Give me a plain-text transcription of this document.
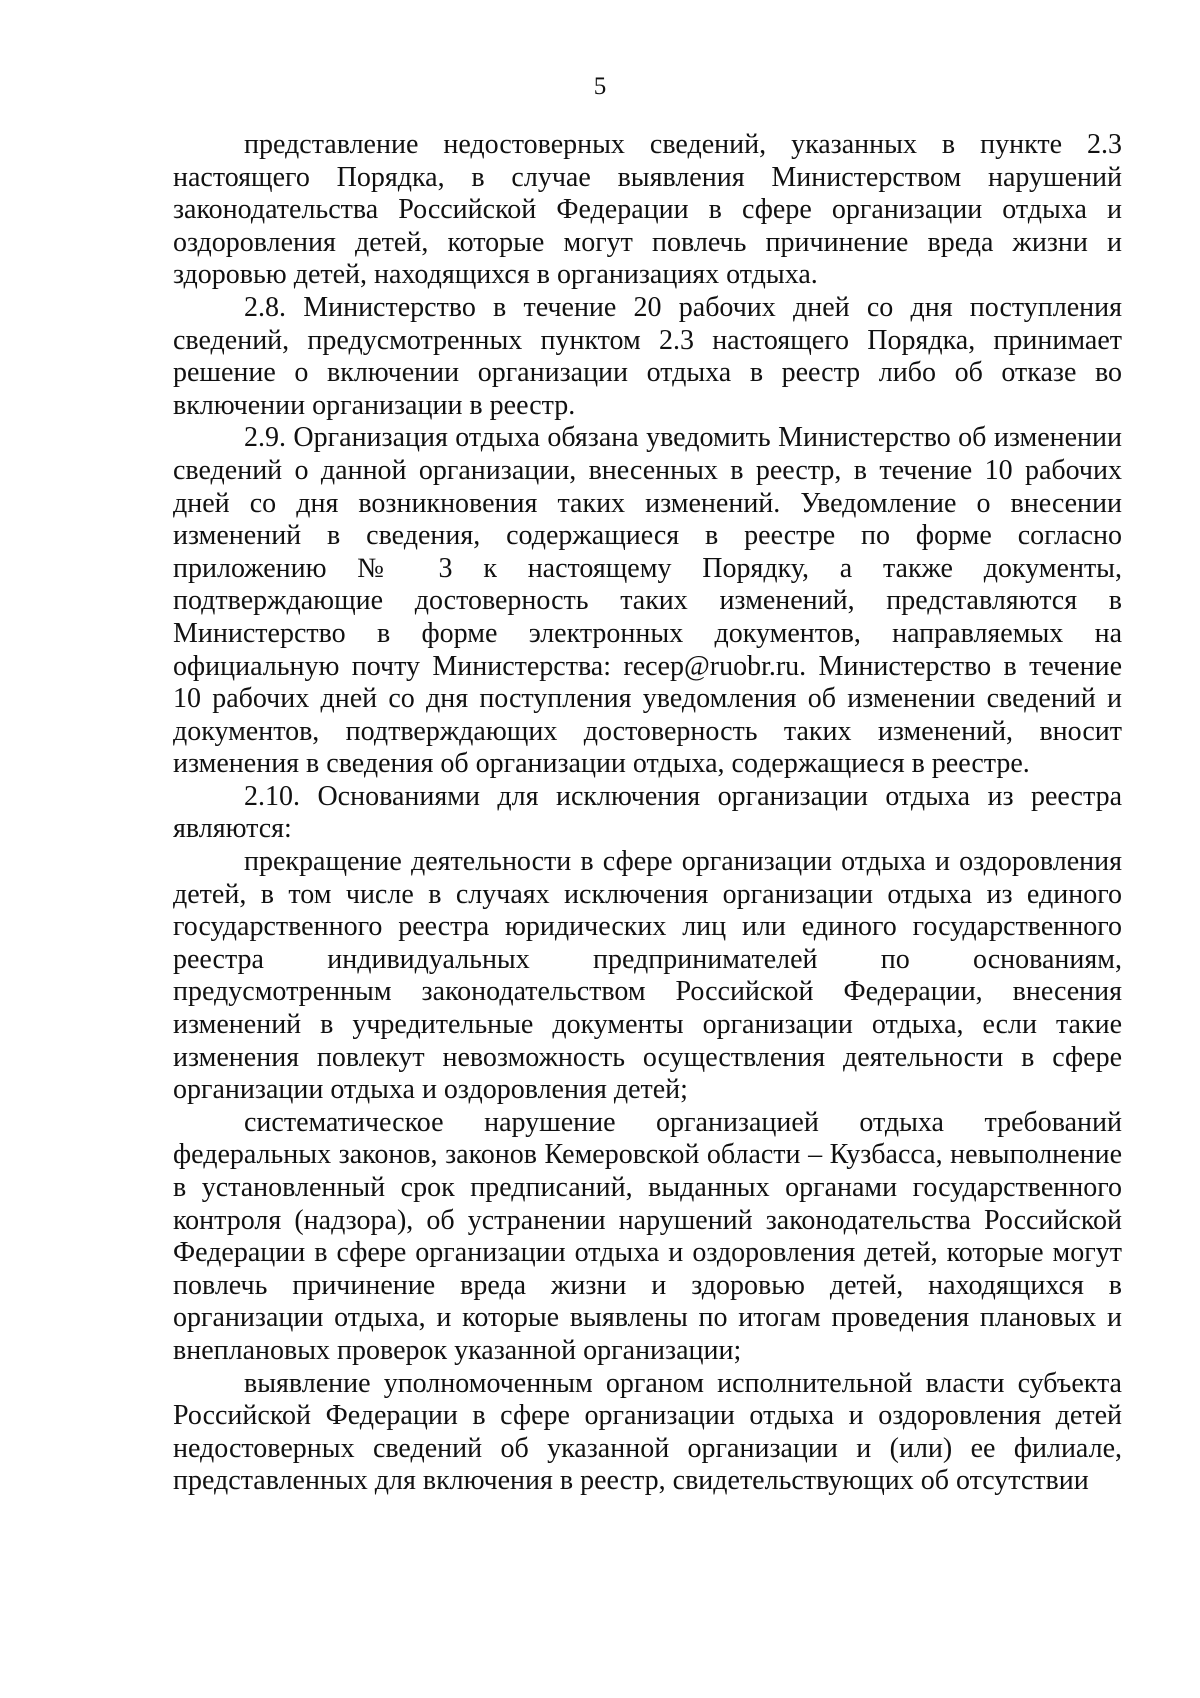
5

представление недостоверных сведений, указанных в пункте 2.3 настоящего Порядка, в случае выявления Министерством нарушений законодательства Российской Федерации в сфере организации отдыха и оздоровления детей, которые могут повлечь причинение вреда жизни и здоровью детей, находящихся в организациях отдыха.

2.8. Министерство в течение 20 рабочих дней со дня поступления сведений, предусмотренных пунктом 2.3 настоящего Порядка, принимает решение о включении организации отдыха в реестр либо об отказе во включении организации в реестр.

2.9. Организация отдыха обязана уведомить Министерство об изменении сведений о данной организации, внесенных в реестр, в течение 10 рабочих дней со дня возникновения таких изменений. Уведомление о внесении изменений в сведения, содержащиеся в реестре по форме согласно приложению № 3 к настоящему Порядку, а также документы, подтверждающие достоверность таких изменений, представляются в Министерство в форме электронных документов, направляемых на официальную почту Министерства: recep@ruobr.ru. Министерство в течение 10 рабочих дней со дня поступления уведомления об изменении сведений и документов, подтверждающих достоверность таких изменений, вносит изменения в сведения об организации отдыха, содержащиеся в реестре.

2.10. Основаниями для исключения организации отдыха из реестра являются:

прекращение деятельности в сфере организации отдыха и оздоровления детей, в том числе в случаях исключения организации отдыха из единого государственного реестра юридических лиц или единого государственного реестра индивидуальных предпринимателей по основаниям, предусмотренным законодательством Российской Федерации, внесения изменений в учредительные документы организации отдыха, если такие изменения повлекут невозможность осуществления деятельности в сфере организации отдыха и оздоровления детей;

систематическое нарушение организацией отдыха требований федеральных законов, законов Кемеровской области – Кузбасса, невыполнение в установленный срок предписаний, выданных органами государственного контроля (надзора), об устранении нарушений законодательства Российской Федерации в сфере организации отдыха и оздоровления детей, которые могут повлечь причинение вреда жизни и здоровью детей, находящихся в организации отдыха, и которые выявлены по итогам проведения плановых и внеплановых проверок указанной организации;

выявление уполномоченным органом исполнительной власти субъекта Российской Федерации в сфере организации отдыха и оздоровления детей недостоверных сведений об указанной организации и (или) ее филиале, представленных для включения в реестр, свидетельствующих об отсутствии
